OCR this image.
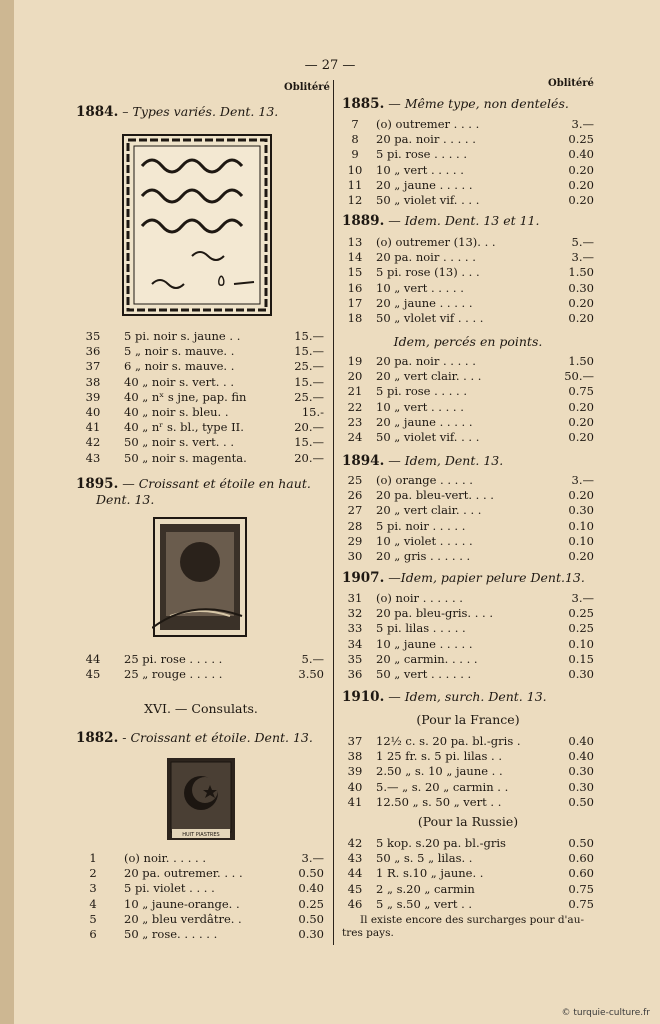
— 27 —
Oblitéré
1884. – Types variés. Dent. 13.
٥
35	5 pi. noir s. jaune . .	15.—
36	5 „ noir s. mauve. .	15.—
37	6 „ noir s. mauve. .	25.—
38	40 „ noir s. vert. . .	15.—
39	40 „ nˣ s jne, pap. fin	25.—
40	40 „ noir s. bleu. .	15.-
41	40 „ nʳ s. bl., type II.	20.—
42	50 „ noir s. vert. . .	15.—
43	50 „ noir s. magenta.	20.—
1895. — Croissant et étoile en haut.
Dent. 13.
44	25 pi. rose . . . . .	5.—
45	25 „ rouge . . . . .	3.50
XVI. — Consulats.
1882. - Croissant et étoile. Dent. 13.
HUIT PIASTRES
1	(o) noir. . . . . .	3.—
2	20 pa. outremer. . . .	0.50
3	5 pi. violet . . . .	0.40
4	10 „ jaune-orange. .	0.25
5	20 „ bleu verdâtre. .	0.50
6	50 „ rose. . . . . .	0.30
Oblitéré
1885. — Même type, non dentelés.
7	(o) outremer . . . .	3.—
8	20 pa. noir . . . . .	0.25
9	5 pi. rose . . . . .	0.40
10	10 „ vert . . . . .	0.20
11	20 „ jaune . . . . .	0.20
12	50 „ violet vif. . . .	0.20
1889. — Idem. Dent. 13 et 11.
13	(o) outremer (13). . .	5.—
14	20 pa. noir . . . . .	3.—
15	5 pi. rose (13) . . .	1.50
16	10 „ vert . . . . .	0.30
17	20 „ jaune . . . . .	0.20
18	50 „ vlolet vif . . . .	0.20
Idem, percés en points.
19	20 pa. noir . . . . .	1.50
20	20 „ vert clair. . . .	50.—
21	5 pi. rose . . . . .	0.75
22	10 „ vert . . . . .	0.20
23	20 „ jaune . . . . .	0.20
24	50 „ violet vif. . . .	0.20
1894. — Idem, Dent. 13.
25	(o) orange . . . . .	3.—
26	20 pa. bleu-vert. . . .	0.20
27	20 „ vert clair. . . .	0.30
28	5 pi. noir . . . . .	0.10
29	10 „ violet . . . . .	0.10
30	20 „ gris . . . . . .	0.20
1907. —Idem, papier pelure Dent.13.
31	(o) noir . . . . . .	3.—
32	20 pa. bleu-gris. . . .	0.25
33	5 pi. lilas . . . . .	0.25
34	10 „ jaune . . . . .	0.10
35	20 „ carmin. . . . .	0.15
36	50 „ vert . . . . . .	0.30
1910. — Idem, surch. Dent. 13.
(Pour la France)
37	12½ c. s. 20 pa. bl.-gris .	0.40
38	1 25 fr. s. 5 pi. lilas . .	0.40
39	2.50 „ s. 10 „ jaune . .	0.30
40	5.— „ s. 20 „ carmin . .	0.30
41	12.50 „ s. 50 „ vert . .	0.50
(Pour la Russie)
42	5 kop. s.20 pa. bl.-gris	0.50
43	50 „ s. 5 „ lilas. .	0.60
44	1 R. s.10 „ jaune. .	0.60
45	2 „ s.20 „ carmin	0.75
46	5 „ s.50 „ vert . .	0.75
Il existe encore des surcharges pour d'au-
tres pays.
© turquie-culture.fr
